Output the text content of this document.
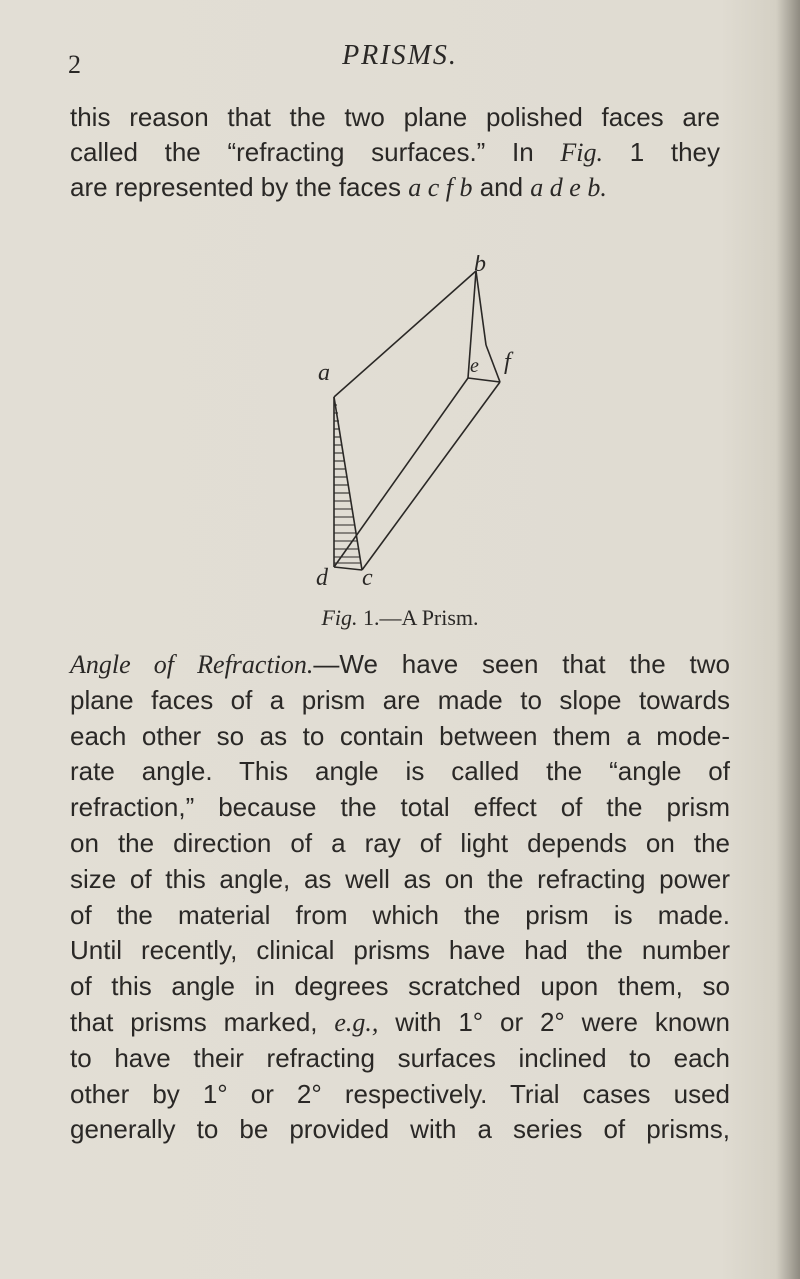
2	PRISMS.
this reason that the two plane polished faces are
called the “refracting surfaces.” In Fig. 1 they
are represented by the faces a c f b and a d e b.
b
a	e f
d c
Fig. 1.—A Prism.
Angle of Refraction.—We have seen that the two
plane faces of a prism are made to slope towards
each other so as to contain between them a mode-
rate angle. This angle is called the “angle of
refraction,” because the total effect of the prism
on the direction of a ray of light depends on the
size of this angle, as well as on the refracting power
of the material from which the prism is made.
Until recently, clinical prisms have had the number
of this angle in degrees scratched upon them, so
that prisms marked, e.g., with 1° or 2° were known
to have their refracting surfaces inclined to each
other by 1° or 2° respectively. Trial cases used
generally to be provided with a series of prisms,
